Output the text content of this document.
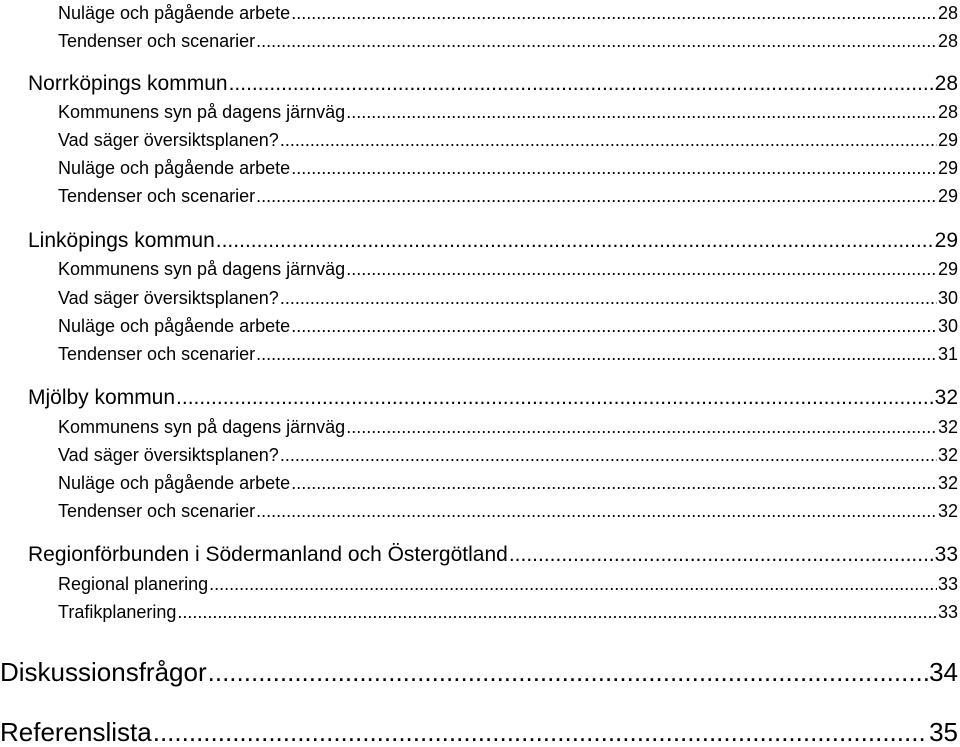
Nuläge och pågående arbete .....	28
Tendenser och scenarier .....	28
Norrköpings kommun .....	28
Kommunens syn på dagens järnväg .....	28
Vad säger översiktsplanen? .....	29
Nuläge och pågående arbete .....	29
Tendenser och scenarier .....	29
Linköpings kommun .....	29
Kommunens syn på dagens järnväg .....	29
Vad säger översiktsplanen? .....	30
Nuläge och pågående arbete .....	30
Tendenser och scenarier .....	31
Mjölby kommun .....	32
Kommunens syn på dagens järnväg .....	32
Vad säger översiktsplanen? .....	32
Nuläge och pågående arbete .....	32
Tendenser och scenarier .....	32
Regionförbunden i Södermanland och Östergötland .....	33
Regional planering .....	33
Trafikplanering .....	33
Diskussionsfrågor .....	34
Referenslista .....	35
